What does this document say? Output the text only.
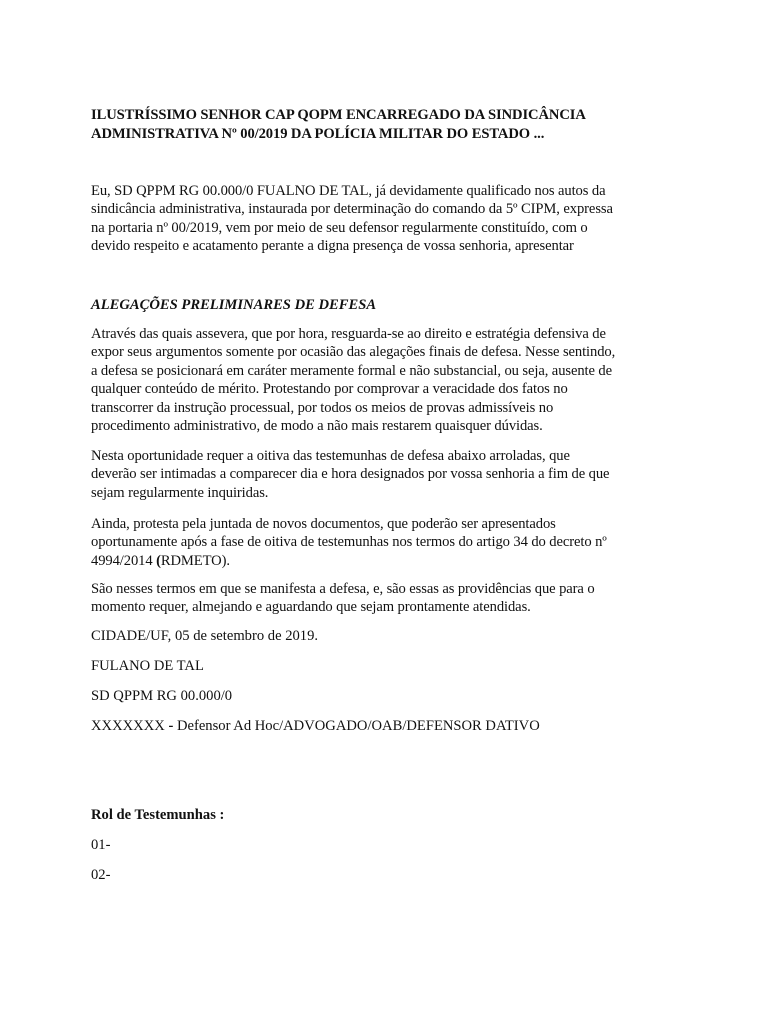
ILUSTRÍSSIMO SENHOR CAP QOPM ENCARREGADO DA SINDICÂNCIA
ADMINISTRATIVA Nº 00/2019 DA POLÍCIA MILITAR DO ESTADO ...
Eu, SD QPPM RG 00.000/0 FUALNO DE TAL, já devidamente qualificado nos autos da
sindicância administrativa, instaurada por determinação do comando da 5º CIPM, expressa
na portaria nº 00/2019, vem por meio de seu defensor regularmente constituído, com o
devido respeito e acatamento perante a digna presença de vossa senhoria, apresentar
ALEGAÇÕES PRELIMINARES DE DEFESA
Através das quais assevera, que por hora, resguarda-se ao direito e estratégia defensiva de
expor seus argumentos somente por ocasião das alegações finais de defesa. Nesse sentindo,
a defesa se posicionará em caráter meramente formal e não substancial, ou seja, ausente de
qualquer conteúdo de mérito. Protestando por comprovar a veracidade dos fatos no
transcorrer da instrução processual, por todos os meios de provas admissíveis no
procedimento administrativo, de modo a não mais restarem quaisquer dúvidas.
Nesta oportunidade requer a oitiva das testemunhas de defesa abaixo arroladas, que
deverão ser intimadas a comparecer dia e hora designados por vossa senhoria a fim de que
sejam regularmente inquiridas.
Ainda, protesta pela juntada de novos documentos, que poderão ser apresentados
oportunamente após a fase de oitiva de testemunhas nos termos do artigo 34 do decreto nº
4994/2014 (RDMETO).
São nesses termos em que se manifesta a defesa, e, são essas as providências que para o
momento requer, almejando e aguardando que sejam prontamente atendidas.
CIDADE/UF, 05 de setembro de 2019.
FULANO DE TAL
SD QPPM RG 00.000/0
XXXXXXX - Defensor Ad Hoc/ADVOGADO/OAB/DEFENSOR DATIVO
Rol de Testemunhas :
01-
02-
